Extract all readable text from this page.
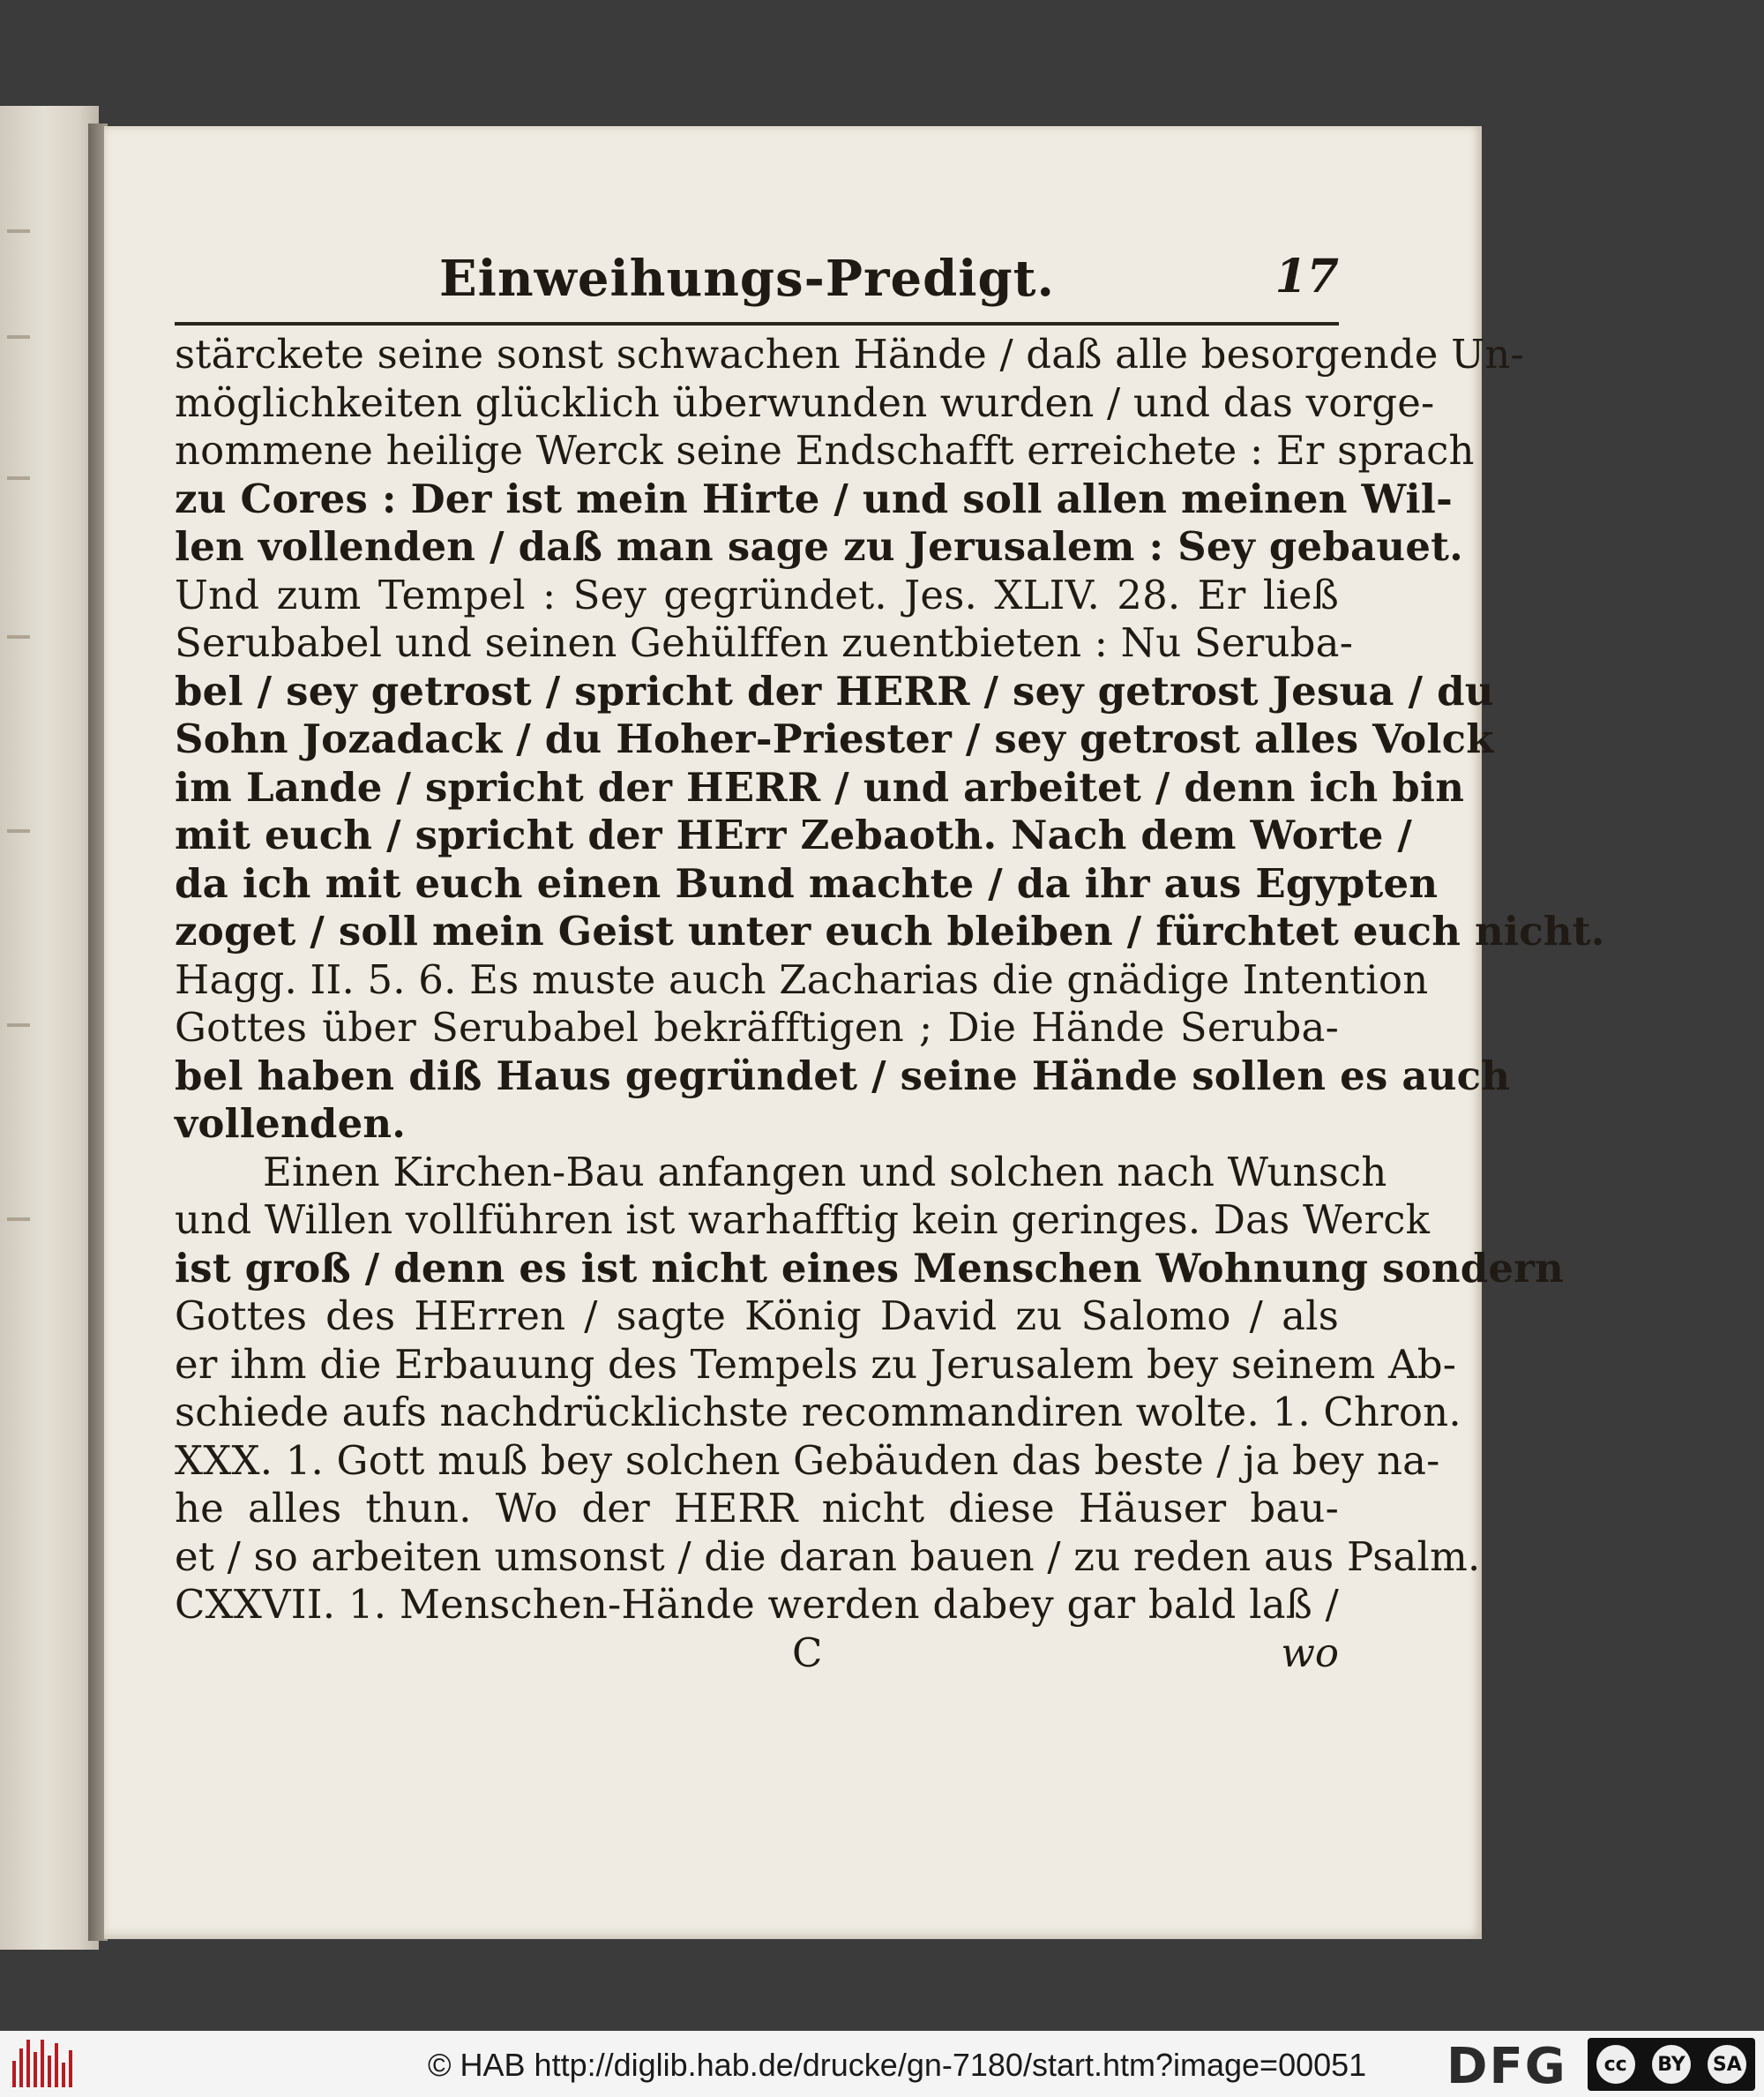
Einweihungs-Predigt.	17
stärckete seine sonst schwachen Hände / daß alle besorgende Un-
möglichkeiten glücklich überwunden wurden / und das vorge-
nommene heilige Werck seine Endschafft erreichete : Er sprach
zu Cores : Der ist mein Hirte / und soll allen meinen Wil-
len vollenden / daß man sage zu Jerusalem : Sey gebauet.
Und zum Tempel : Sey gegründet. Jes. XLIV. 28. Er ließ
Serubabel und seinen Gehülffen zuentbieten : Nu Seruba-
bel / sey getrost / spricht der HERR / sey getrost Jesua / du
Sohn Jozadack / du Hoher-Priester / sey getrost alles Volck
im Lande / spricht der HERR / und arbeitet / denn ich bin
mit euch / spricht der HErr Zebaoth. Nach dem Worte /
da ich mit euch einen Bund machte / da ihr aus Egypten
zoget / soll mein Geist unter euch bleiben / fürchtet euch nicht.
Hagg. II. 5. 6. Es muste auch Zacharias die gnädige Intention
Gottes über Serubabel bekräfftigen ; Die Hände Seruba-
bel haben diß Haus gegründet / seine Hände sollen es auch
vollenden.
Einen Kirchen-Bau anfangen und solchen nach Wunsch
und Willen vollführen ist warhafftig kein geringes. Das Werck
ist groß / denn es ist nicht eines Menschen Wohnung sondern
Gottes des HErren / sagte König David zu Salomo / als
er ihm die Erbauung des Tempels zu Jerusalem bey seinem Ab-
schiede aufs nachdrücklichste recommandiren wolte. 1. Chron.
XXX. 1. Gott muß bey solchen Gebäuden das beste / ja bey na-
he alles thun. Wo der HERR nicht diese Häuser bau-
et / so arbeiten umsonst / die daran bauen / zu reden aus Psalm.
CXXVII. 1. Menschen-Hände werden dabey gar bald laß /
C	wo
© HAB http://diglib.hab.de/drucke/gn-7180/start.htm?image=00051 DFG	cc	BY SA
